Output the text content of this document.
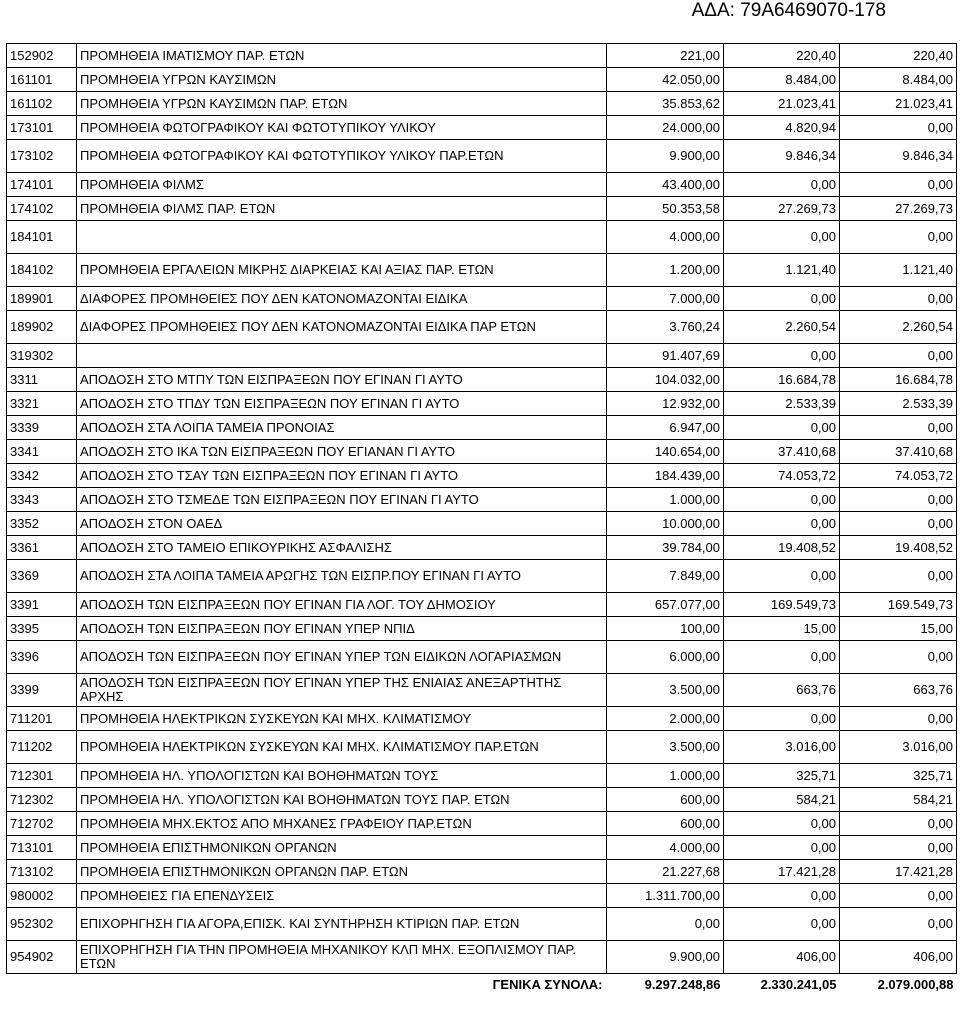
ΑΔΑ: 79Α6469070-178
152902	ΠΡΟΜΗΘΕΙΑ ΙΜΑΤΙΣΜΟΥ ΠΑΡ. ΕΤΩΝ	221,00	220,40	220,40
161101	ΠΡΟΜΗΘΕΙΑ ΥΓΡΩΝ ΚΑΥΣΙΜΩΝ	42.050,00	8.484,00	8.484,00
161102	ΠΡΟΜΗΘΕΙΑ ΥΓΡΩΝ ΚΑΥΣΙΜΩΝ ΠΑΡ. ΕΤΩΝ	35.853,62	21.023,41	21.023,41
173101	ΠΡΟΜΗΘΕΙΑ ΦΩΤΟΓΡΑΦΙΚΟΥ ΚΑΙ ΦΩΤΟΤΥΠΙΚΟΥ ΥΛΙΚΟΥ	24.000,00	4.820,94	0,00
173102	ΠΡΟΜΗΘΕΙΑ ΦΩΤΟΓΡΑΦΙΚΟΥ ΚΑΙ ΦΩΤΟΤΥΠΙΚΟΥ ΥΛΙΚΟΥ ΠΑΡ.ΕΤΩΝ	9.900,00	9.846,34	9.846,34
174101	ΠΡΟΜΗΘΕΙΑ ΦΙΛΜΣ	43.400,00	0,00	0,00
174102	ΠΡΟΜΗΘΕΙΑ ΦΙΛΜΣ ΠΑΡ. ΕΤΩΝ	50.353,58	27.269,73	27.269,73
184101		4.000,00	0,00	0,00
184102	ΠΡΟΜΗΘΕΙΑ ΕΡΓΑΛΕΙΩΝ ΜΙΚΡΗΣ ΔΙΑΡΚΕΙΑΣ ΚΑΙ ΑΞΙΑΣ ΠΑΡ. ΕΤΩΝ	1.200,00	1.121,40	1.121,40
189901	ΔΙΑΦΟΡΕΣ ΠΡΟΜΗΘΕΙΕΣ ΠΟΥ ΔΕΝ ΚΑΤΟΝΟΜΑΖΟΝΤΑΙ ΕΙΔΙΚΑ	7.000,00	0,00	0,00
189902	ΔΙΑΦΟΡΕΣ ΠΡΟΜΗΘΕΙΕΣ ΠΟΥ ΔΕΝ ΚΑΤΟΝΟΜΑΖΟΝΤΑΙ ΕΙΔΙΚΑ ΠΑΡ ΕΤΩΝ	3.760,24	2.260,54	2.260,54
319302		91.407,69	0,00	0,00
3311	ΑΠΟΔΟΣΗ ΣΤΟ ΜΤΠΥ ΤΩΝ ΕΙΣΠΡΑΞΕΩΝ ΠΟΥ ΕΓΙΝΑΝ ΓΙ ΑΥΤΟ	104.032,00	16.684,78	16.684,78
3321	ΑΠΟΔΟΣΗ ΣΤΟ ΤΠΔΥ ΤΩΝ ΕΙΣΠΡΑΞΕΩΝ ΠΟΥ ΕΓΙΝΑΝ ΓΙ ΑΥΤΟ	12.932,00	2.533,39	2.533,39
3339	ΑΠΟΔΟΣΗ ΣΤΑ ΛΟΙΠΑ ΤΑΜΕΙΑ ΠΡΟΝΟΙΑΣ	6.947,00	0,00	0,00
3341	ΑΠΟΔΟΣΗ ΣΤΟ ΙΚΑ ΤΩΝ ΕΙΣΠΡΑΞΕΩΝ ΠΟΥ ΕΓΙΑΝΑΝ ΓΙ ΑΥΤΟ	140.654,00	37.410,68	37.410,68
3342	ΑΠΟΔΟΣΗ ΣΤΟ ΤΣΑΥ ΤΩΝ ΕΙΣΠΡΑΞΕΩΝ ΠΟΥ ΕΓΙΝΑΝ ΓΙ ΑΥΤΟ	184.439,00	74.053,72	74.053,72
3343	ΑΠΟΔΟΣΗ ΣΤΟ ΤΣΜΕΔΕ ΤΩΝ ΕΙΣΠΡΑΞΕΩΝ ΠΟΥ ΕΓΙΝΑΝ ΓΙ ΑΥΤΟ	1.000,00	0,00	0,00
3352	ΑΠΟΔΟΣΗ ΣΤΟΝ ΟΑΕΔ	10.000,00	0,00	0,00
3361	ΑΠΟΔΟΣΗ ΣΤΟ ΤΑΜΕΙΟ ΕΠΙΚΟΥΡΙΚΗΣ ΑΣΦΑΛΙΣΗΣ	39.784,00	19.408,52	19.408,52
3369	ΑΠΟΔΟΣΗ ΣΤΑ ΛΟΙΠΑ ΤΑΜΕΙΑ ΑΡΩΓΗΣ ΤΩΝ ΕΙΣΠΡ.ΠΟΥ ΕΓΙΝΑΝ ΓΙ ΑΥΤΟ	7.849,00	0,00	0,00
3391	ΑΠΟΔΟΣΗ ΤΩΝ ΕΙΣΠΡΑΞΕΩΝ ΠΟΥ ΕΓΙΝΑΝ ΓΙΑ ΛΟΓ. ΤΟΥ ΔΗΜΟΣΙΟΥ	657.077,00	169.549,73	169.549,73
3395	ΑΠΟΔΟΣΗ ΤΩΝ ΕΙΣΠΡΑΞΕΩΝ ΠΟΥ ΕΓΙΝΑΝ ΥΠΕΡ ΝΠΙΔ	100,00	15,00	15,00
3396	ΑΠΟΔΟΣΗ ΤΩΝ ΕΙΣΠΡΑΞΕΩΝ ΠΟΥ ΕΓΙΝΑΝ ΥΠΕΡ ΤΩΝ ΕΙΔΙΚΩΝ ΛΟΓΑΡΙΑΣΜΩΝ	6.000,00	0,00	0,00
3399	ΑΠΟΔΟΣΗ ΤΩΝ ΕΙΣΠΡΑΞΕΩΝ ΠΟΥ ΕΓΙΝΑΝ ΥΠΕΡ ΤΗΣ ΕΝΙΑΙΑΣ ΑΝΕΞΑΡΤΗΤΗΣ ΑΡΧΗΣ	3.500,00	663,76	663,76
711201	ΠΡΟΜΗΘΕΙΑ ΗΛΕΚΤΡΙΚΩΝ ΣΥΣΚΕΥΩΝ ΚΑΙ ΜΗΧ. ΚΛΙΜΑΤΙΣΜΟΥ	2.000,00	0,00	0,00
711202	ΠΡΟΜΗΘΕΙΑ ΗΛΕΚΤΡΙΚΩΝ ΣΥΣΚΕΥΩΝ ΚΑΙ ΜΗΧ. ΚΛΙΜΑΤΙΣΜΟΥ ΠΑΡ.ΕΤΩΝ	3.500,00	3.016,00	3.016,00
712301	ΠΡΟΜΗΘΕΙΑ ΗΛ. ΥΠΟΛΟΓΙΣΤΩΝ ΚΑΙ ΒΟΗΘΗΜΑΤΩΝ ΤΟΥΣ	1.000,00	325,71	325,71
712302	ΠΡΟΜΗΘΕΙΑ ΗΛ. ΥΠΟΛΟΓΙΣΤΩΝ ΚΑΙ ΒΟΗΘΗΜΑΤΩΝ ΤΟΥΣ ΠΑΡ. ΕΤΩΝ	600,00	584,21	584,21
712702	ΠΡΟΜΗΘΕΙΑ ΜΗΧ.ΕΚΤΟΣ ΑΠΟ ΜΗΧΑΝΕΣ ΓΡΑΦΕΙΟΥ ΠΑΡ.ΕΤΩΝ	600,00	0,00	0,00
713101	ΠΡΟΜΗΘΕΙΑ ΕΠΙΣΤΗΜΟΝΙΚΩΝ ΟΡΓΑΝΩΝ	4.000,00	0,00	0,00
713102	ΠΡΟΜΗΘΕΙΑ ΕΠΙΣΤΗΜΟΝΙΚΩΝ ΟΡΓΑΝΩΝ ΠΑΡ. ΕΤΩΝ	21.227,68	17.421,28	17.421,28
980002	ΠΡΟΜΗΘΕΙΕΣ ΓΙΑ ΕΠΕΝΔΥΣΕΙΣ	1.311.700,00	0,00	0,00
952302	ΕΠΙΧΟΡΗΓΗΣΗ ΓΙΑ ΑΓΟΡΑ,ΕΠΙΣΚ. ΚΑΙ ΣΥΝΤΗΡΗΣΗ ΚΤΙΡΙΩΝ ΠΑΡ. ΕΤΩΝ	0,00	0,00	0,00
954902	ΕΠΙΧΟΡΗΓΗΣΗ ΓΙΑ ΤΗΝ ΠΡΟΜΗΘΕΙΑ ΜΗΧΑΝΙΚΟΥ ΚΛΠ ΜΗΧ. ΕΞΟΠΛΙΣΜΟΥ ΠΑΡ. ΕΤΩΝ	9.900,00	406,00	406,00
ΓΕΝΙΚΑ ΣΥΝΟΛΑ:		9.297.248,86	2.330.241,05	2.079.000,88
